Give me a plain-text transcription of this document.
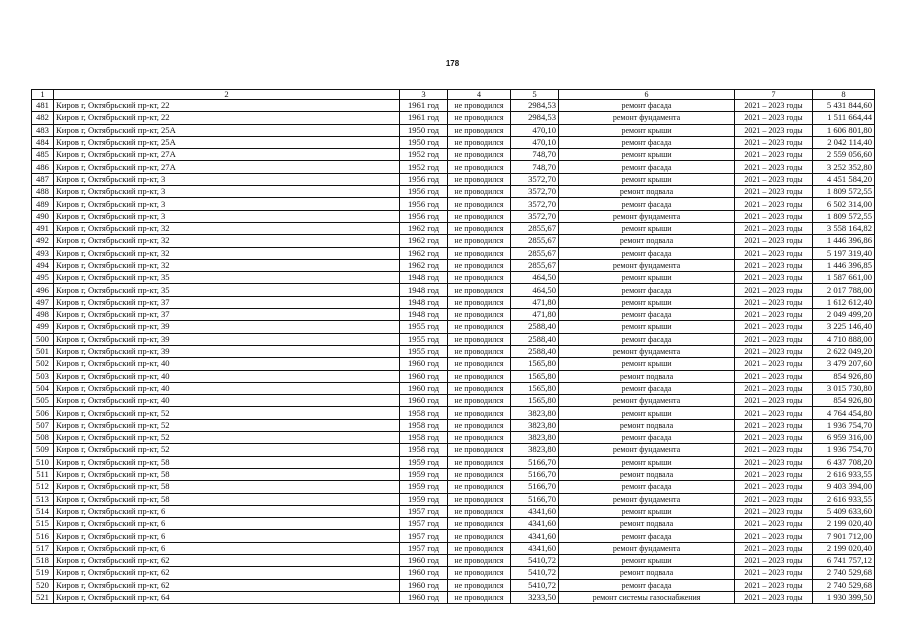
178
1	2	3	4	5	6	7	8
481	Киров г, Октябрьский пр-кт, 22	1961 год	не проводился	2984,53	ремонт фасада	2021 – 2023 годы	5 431 844,60
482	Киров г, Октябрьский пр-кт, 22	1961 год	не проводился	2984,53	ремонт фундамента	2021 – 2023 годы	1 511 664,44
483	Киров г, Октябрьский пр-кт, 25А	1950 год	не проводился	470,10	ремонт крыши	2021 – 2023 годы	1 606 801,80
484	Киров г, Октябрьский пр-кт, 25А	1950 год	не проводился	470,10	ремонт фасада	2021 – 2023 годы	2 042 114,40
485	Киров г, Октябрьский пр-кт, 27А	1952 год	не проводился	748,70	ремонт крыши	2021 – 2023 годы	2 559 056,60
486	Киров г, Октябрьский пр-кт, 27А	1952 год	не проводился	748,70	ремонт фасада	2021 – 2023 годы	3 252 352,80
487	Киров г, Октябрьский пр-кт, 3	1956 год	не проводился	3572,70	ремонт крыши	2021 – 2023 годы	4 451 584,20
488	Киров г, Октябрьский пр-кт, 3	1956 год	не проводился	3572,70	ремонт подвала	2021 – 2023 годы	1 809 572,55
489	Киров г, Октябрьский пр-кт, 3	1956 год	не проводился	3572,70	ремонт фасада	2021 – 2023 годы	6 502 314,00
490	Киров г, Октябрьский пр-кт, 3	1956 год	не проводился	3572,70	ремонт фундамента	2021 – 2023 годы	1 809 572,55
491	Киров г, Октябрьский пр-кт, 32	1962 год	не проводился	2855,67	ремонт крыши	2021 – 2023 годы	3 558 164,82
492	Киров г, Октябрьский пр-кт, 32	1962 год	не проводился	2855,67	ремонт подвала	2021 – 2023 годы	1 446 396,86
493	Киров г, Октябрьский пр-кт, 32	1962 год	не проводился	2855,67	ремонт фасада	2021 – 2023 годы	5 197 319,40
494	Киров г, Октябрьский пр-кт, 32	1962 год	не проводился	2855,67	ремонт фундамента	2021 – 2023 годы	1 446 396,85
495	Киров г, Октябрьский пр-кт, 35	1948 год	не проводился	464,50	ремонт крыши	2021 – 2023 годы	1 587 661,00
496	Киров г, Октябрьский пр-кт, 35	1948 год	не проводился	464,50	ремонт фасада	2021 – 2023 годы	2 017 788,00
497	Киров г, Октябрьский пр-кт, 37	1948 год	не проводился	471,80	ремонт крыши	2021 – 2023 годы	1 612 612,40
498	Киров г, Октябрьский пр-кт, 37	1948 год	не проводился	471,80	ремонт фасада	2021 – 2023 годы	2 049 499,20
499	Киров г, Октябрьский пр-кт, 39	1955 год	не проводился	2588,40	ремонт крыши	2021 – 2023 годы	3 225 146,40
500	Киров г, Октябрьский пр-кт, 39	1955 год	не проводился	2588,40	ремонт фасада	2021 – 2023 годы	4 710 888,00
501	Киров г, Октябрьский пр-кт, 39	1955 год	не проводился	2588,40	ремонт фундамента	2021 – 2023 годы	2 622 049,20
502	Киров г, Октябрьский пр-кт, 40	1960 год	не проводился	1565,80	ремонт крыши	2021 – 2023 годы	3 479 207,60
503	Киров г, Октябрьский пр-кт, 40	1960 год	не проводился	1565,80	ремонт подвала	2021 – 2023 годы	854 926,80
504	Киров г, Октябрьский пр-кт, 40	1960 год	не проводился	1565,80	ремонт фасада	2021 – 2023 годы	3 015 730,80
505	Киров г, Октябрьский пр-кт, 40	1960 год	не проводился	1565,80	ремонт фундамента	2021 – 2023 годы	854 926,80
506	Киров г, Октябрьский пр-кт, 52	1958 год	не проводился	3823,80	ремонт крыши	2021 – 2023 годы	4 764 454,80
507	Киров г, Октябрьский пр-кт, 52	1958 год	не проводился	3823,80	ремонт подвала	2021 – 2023 годы	1 936 754,70
508	Киров г, Октябрьский пр-кт, 52	1958 год	не проводился	3823,80	ремонт фасада	2021 – 2023 годы	6 959 316,00
509	Киров г, Октябрьский пр-кт, 52	1958 год	не проводился	3823,80	ремонт фундамента	2021 – 2023 годы	1 936 754,70
510	Киров г, Октябрьский пр-кт, 58	1959 год	не проводился	5166,70	ремонт крыши	2021 – 2023 годы	6 437 708,20
511	Киров г, Октябрьский пр-кт, 58	1959 год	не проводился	5166,70	ремонт подвала	2021 – 2023 годы	2 616 933,55
512	Киров г, Октябрьский пр-кт, 58	1959 год	не проводился	5166,70	ремонт фасада	2021 – 2023 годы	9 403 394,00
513	Киров г, Октябрьский пр-кт, 58	1959 год	не проводился	5166,70	ремонт фундамента	2021 – 2023 годы	2 616 933,55
514	Киров г, Октябрьский пр-кт, 6	1957 год	не проводился	4341,60	ремонт крыши	2021 – 2023 годы	5 409 633,60
515	Киров г, Октябрьский пр-кт, 6	1957 год	не проводился	4341,60	ремонт подвала	2021 – 2023 годы	2 199 020,40
516	Киров г, Октябрьский пр-кт, 6	1957 год	не проводился	4341,60	ремонт фасада	2021 – 2023 годы	7 901 712,00
517	Киров г, Октябрьский пр-кт, 6	1957 год	не проводился	4341,60	ремонт фундамента	2021 – 2023 годы	2 199 020,40
518	Киров г, Октябрьский пр-кт, 62	1960 год	не проводился	5410,72	ремонт крыши	2021 – 2023 годы	6 741 757,12
519	Киров г, Октябрьский пр-кт, 62	1960 год	не проводился	5410,72	ремонт подвала	2021 – 2023 годы	2 740 529,68
520	Киров г, Октябрьский пр-кт, 62	1960 год	не проводился	5410,72	ремонт фасада	2021 – 2023 годы	2 740 529,68
521	Киров г, Октябрьский пр-кт, 64	1960 год	не проводился	3233,50	ремонт системы газоснабжения	2021 – 2023 годы	1 930 399,50
